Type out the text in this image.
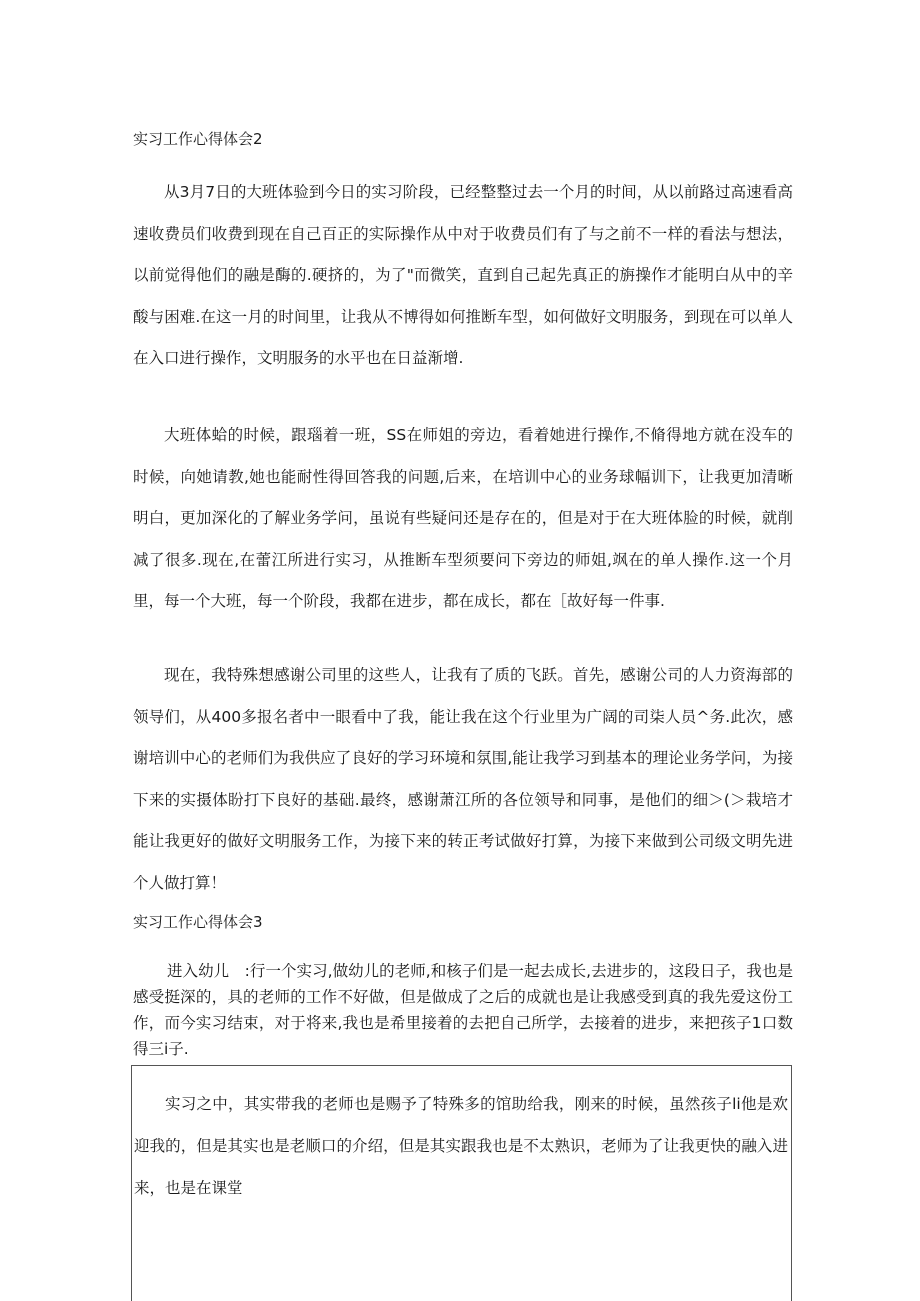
实习工作心得体会2

从3月7日的大班体验到今日的实习阶段，已经整整过去一个月的时间，从以前路过高速看高速收费员们收费到现在自己百正的实际操作从中对于收费员们有了与之前不一样的看法与想法，以前觉得他们的融是酶的.硬挤的，为了"而微笑，直到自己起先真正的旃操作才能明白从中的辛酸与困难.在这一月的时间里，让我从不博得如何推断车型，如何做好文明服务，到现在可以单人在入口进行操作，文明服务的水平也在日益渐增.

大班体蛤的时候，跟瑙着一班，SS在师姐的旁边，看着她进行操作,不脩得地方就在没车的时候，向她请教,她也能耐性得回答我的问题,后来，在培训中心的业务球幅训下，让我更加清晰明白，更加深化的了解业务学问，虽说有些疑问还是存在的，但是对于在大班体脸的时候，就削减了很多.现在,在蕾江所进行实习，从推断车型须要问下旁边的师姐,飒在的单人操作.这一个月里，每一个大班，每一个阶段，我都在进步，都在成长，都在［故好每一件事.

现在，我特殊想感谢公司里的这些人，让我有了质的飞跃。首先，感谢公司的人力资海部的领导们，从400多报名者中一眼看中了我，能让我在这个行业里为广阔的司柒人员^务.此次，感谢培训中心的老师们为我供应了良好的学习环境和氛围,能让我学习到基本的理论业务学问，为接下来的实摄体盼打下良好的基础.最终，感谢萧江所的各位领导和同事，是他们的细＞(＞栽培才能让我更好的做好文明服务工作，为接下来的转正考试做好打算，为接下来做到公司级文明先进个人做打算！

实习工作心得体会3

进入幼儿　:行一个实习,做幼儿的老师,和核子们是一起去成长,去进步的，这段日子，我也是感受挺深的，具的老师的工作不好做，但是做成了之后的成就也是让我感受到真的我先爱这份工作，而今实习结束，对于将来,我也是希里接着的去把自己所学，去接着的进步，来把孩子1口数得三i子.

实习之中，其实带我的老师也是赐予了特殊多的馆助给我，刚来的时候，虽然孩子li他是欢迎我的，但是其实也是老顺口的介绍，但是其实跟我也是不太熟识，老师为了让我更快的融入进来，也是在课堂
